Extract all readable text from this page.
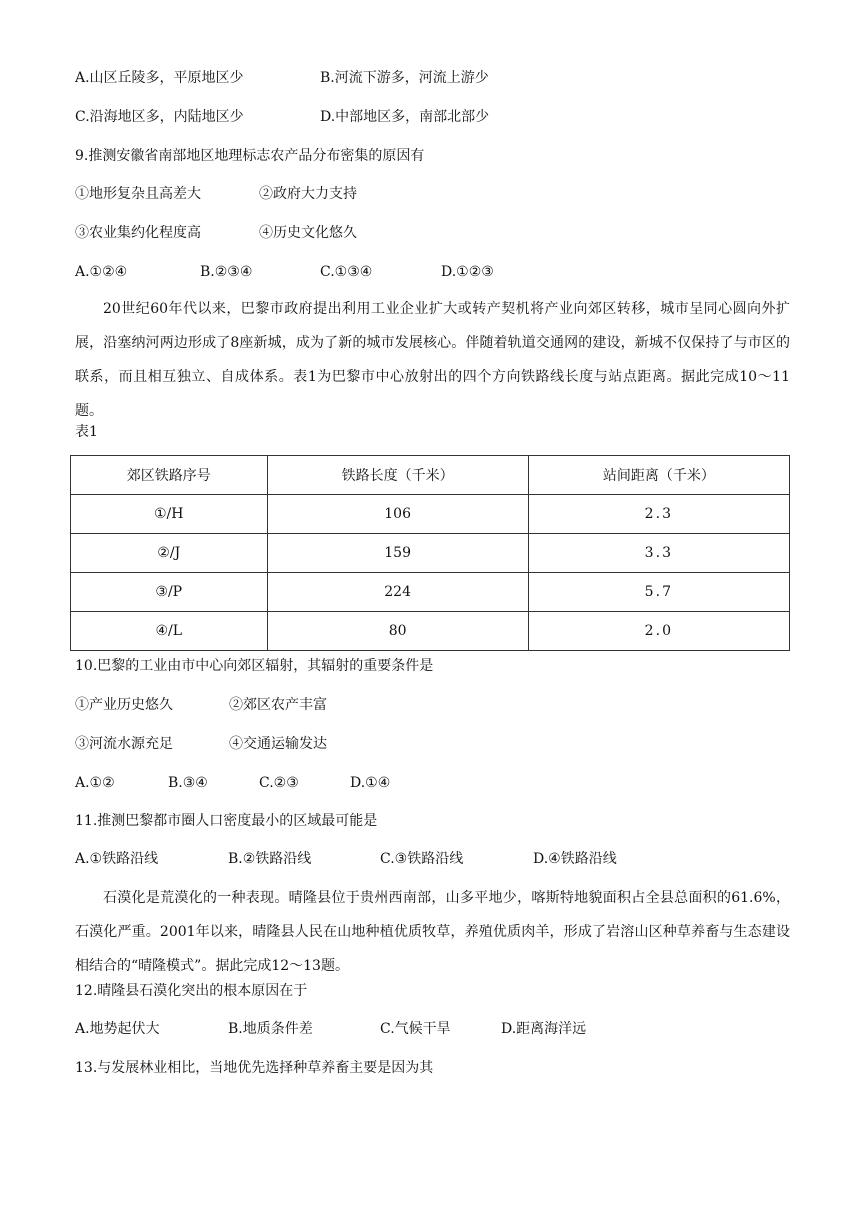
A.山区丘陵多，平原地区少	B.河流下游多，河流上游少
C.沿海地区多，内陆地区少	D.中部地区多，南部北部少
9.推测安徽省南部地区地理标志农产品分布密集的原因有
①地形复杂且高差大	②政府大力支持
③农业集约化程度高	④历史文化悠久
A.①②④	B.②③④	C.①③④	D.①②③
20世纪60年代以来，巴黎市政府提出利用工业企业扩大或转产契机将产业向郊区转移，城市呈同心圆向外扩展，沿塞纳河两边形成了8座新城，成为了新的城市发展核心。伴随着轨道交通网的建设，新城不仅保持了与市区的联系，而且相互独立、自成体系。表1为巴黎市中心放射出的四个方向铁路线长度与站点距离。据此完成10～11题。
表1
郊区铁路序号	铁路长度（千米）	站间距离（千米）
①/H	106	2.3
②/J	159	3.3
③/P	224	5.7
④/L	80	2.0
10.巴黎的工业由市中心向郊区辐射，其辐射的重要条件是
①产业历史悠久	②郊区农产丰富
③河流水源充足	④交通运输发达
A.①②	B.③④	C.②③	D.①④
11.推测巴黎都市圈人口密度最小的区域最可能是
A.①铁路沿线	B.②铁路沿线	C.③铁路沿线	D.④铁路沿线
石漠化是荒漠化的一种表现。晴隆县位于贵州西南部，山多平地少，喀斯特地貌面积占全县总面积的61.6%，石漠化严重。2001年以来，晴隆县人民在山地种植优质牧草，养殖优质肉羊，形成了岩溶山区种草养畜与生态建设相结合的“晴隆模式”。据此完成12～13题。
12.晴隆县石漠化突出的根本原因在于
A.地势起伏大	B.地质条件差	C.气候干旱	D.距离海洋远
13.与发展林业相比，当地优先选择种草养畜主要是因为其
